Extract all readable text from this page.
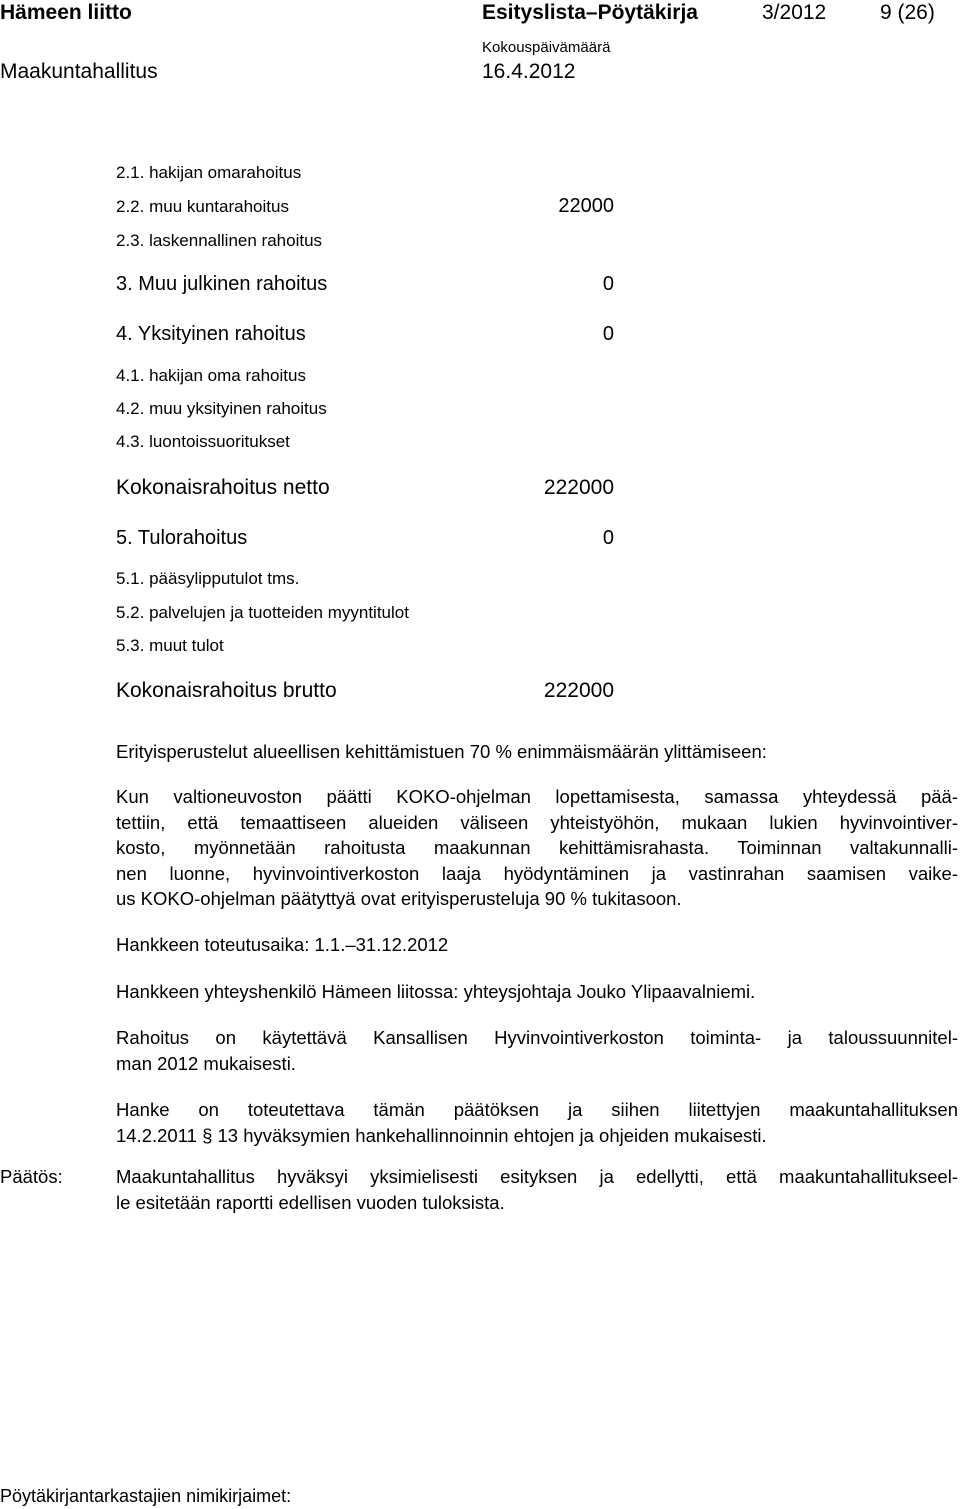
Hämeen liitto	Esityslista–Pöytäkirja	3/2012	9 (26)
Maakuntahallitus
Kokouspäivämäärä
16.4.2012
2.1. hakijan omarahoitus
2.2. muu kuntarahoitus	22000
2.3. laskennallinen rahoitus
3. Muu julkinen rahoitus	0
4. Yksityinen rahoitus	0
4.1. hakijan oma rahoitus
4.2. muu yksityinen rahoitus
4.3. luontoissuoritukset
Kokonaisrahoitus netto	222000
5. Tulorahoitus	0
5.1. pääsylipputulot tms.
5.2. palvelujen ja tuotteiden myyntitulot
5.3. muut tulot
Kokonaisrahoitus brutto	222000
Erityisperustelut alueellisen kehittämistuen 70 % enimmäismäärän ylittämiseen:
Kun valtioneuvoston päätti KOKO-ohjelman lopettamisesta, samassa yhteydessä pää-
tettiin, että temaattiseen alueiden väliseen yhteistyöhön, mukaan lukien hyvinvointiver-
kosto, myönnetään rahoitusta maakunnan kehittämisrahasta. Toiminnan valtakunnalli-
nen luonne, hyvinvointiverkoston laaja hyödyntäminen ja vastinrahan saamisen vaike-
us KOKO-ohjelman päätyttyä ovat erityisperusteluja 90 % tukitasoon.
Hankkeen toteutusaika: 1.1.–31.12.2012
Hankkeen yhteyshenkilö Hämeen liitossa: yhteysjohtaja Jouko Ylipaavalniemi.
Rahoitus on käytettävä Kansallisen Hyvinvointiverkoston toiminta- ja taloussuunnitel-
man 2012 mukaisesti.
Hanke on toteutettava tämän päätöksen ja siihen liitettyjen maakuntahallituksen
14.2.2011 § 13 hyväksymien hankehallinnoinnin ehtojen ja ohjeiden mukaisesti.
Päätös:	Maakuntahallitus hyväksyi yksimielisesti esityksen ja edellytti, että maakuntahallitukseel-
le esitetään raportti edellisen vuoden tuloksista.
Pöytäkirjantarkastajien nimikirjaimet:
